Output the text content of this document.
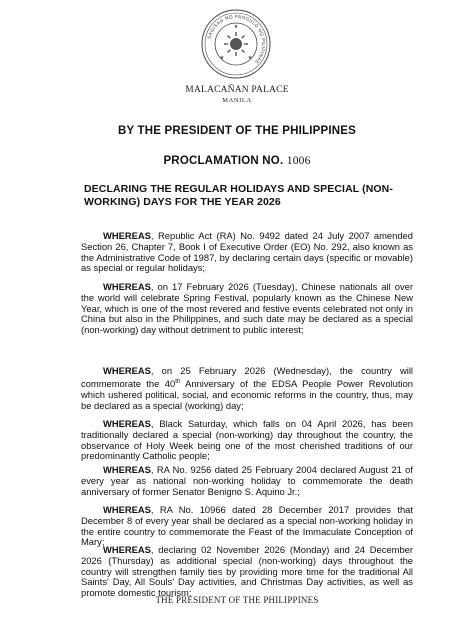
SAGISAG NG PANGULO NG PILIPINAS
★
★	★
MALACAÑAN PALACE
MANILA
BY THE PRESIDENT OF THE PHILIPPINES
PROCLAMATION NO. 1006
DECLARING THE REGULAR HOLIDAYS AND SPECIAL (NON-WORKING) DAYS FOR THE YEAR 2026

WHEREAS, Republic Act (RA) No. 9492 dated 24 July 2007 amended Section 26, Chapter 7, Book I of Executive Order (EO) No. 292, also known as the Administrative Code of 1987, by declaring certain days (specific or movable) as special or regular holidays;

WHEREAS, on 17 February 2026 (Tuesday), Chinese nationals all over the world will celebrate Spring Festival, popularly known as the Chinese New Year, which is one of the most revered and festive events celebrated not only in China but also in the Philippines, and such date may be declared as a special (non-working) day without detriment to public interest;

WHEREAS, on 25 February 2026 (Wednesday), the country will commemorate the 40th Anniversary of the EDSA People Power Revolution which ushered political, social, and economic reforms in the country, thus, may be declared as a special (working) day;

WHEREAS, Black Saturday, which falls on 04 April 2026, has been traditionally declared a special (non-working) day throughout the country, the observance of Holy Week being one of the most cherished traditions of our predominantly Catholic people;

WHEREAS, RA No. 9256 dated 25 February 2004 declared August 21 of every year as national non-working holiday to commemorate the death anniversary of former Senator Benigno S. Aquino Jr.;

WHEREAS, RA No. 10966 dated 28 December 2017 provides that December 8 of every year shall be declared as a special non-working holiday in the entire country to commemorate the Feast of the Immaculate Conception of Mary;

WHEREAS, declaring 02 November 2026 (Monday) and 24 December 2026 (Thursday) as additional special (non-working) days throughout the country will strengthen family ties by providing more time for the traditional All Saints' Day, All Souls' Day activities, and Christmas Day activities, as well as promote domestic tourism;

THE PRESIDENT OF THE PHILIPPINES
